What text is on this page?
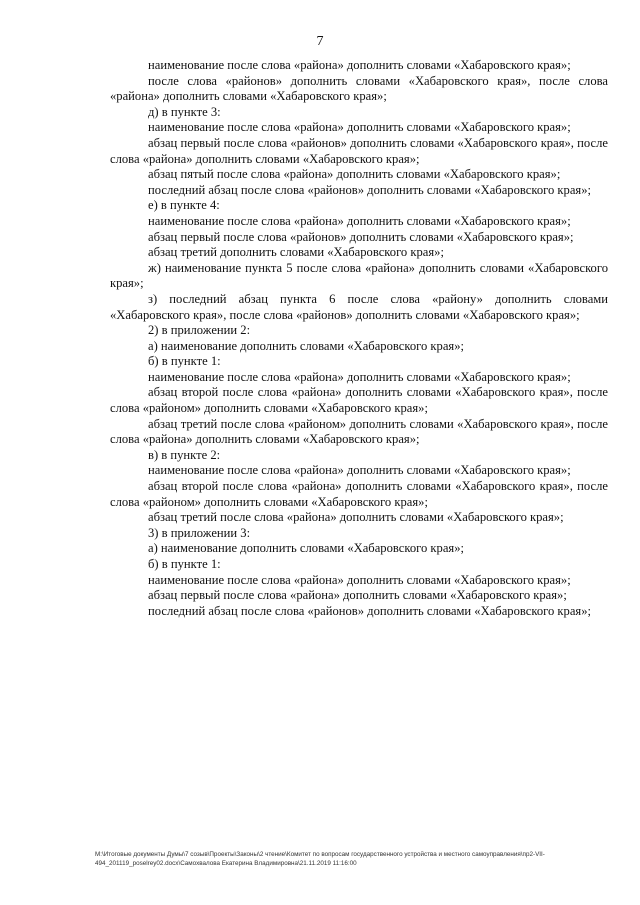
7

наименование после слова «района» дополнить словами «Хабаровского края»;

после слова «районов» дополнить словами «Хабаровского края», после слова «района» дополнить словами «Хабаровского края»;

д) в пункте 3:

наименование после слова «района» дополнить словами «Хабаровского края»;

абзац первый после слова «районов» дополнить словами «Хабаровского края», после слова «района» дополнить словами «Хабаровского края»;

абзац пятый после слова «района» дополнить словами «Хабаровского края»;

последний абзац после слова «районов» дополнить словами «Хабаровского края»;

е) в пункте 4:

наименование после слова «района» дополнить словами «Хабаровского края»;

абзац первый после слова «районов» дополнить словами «Хабаровского края»;

абзац третий дополнить словами «Хабаровского края»;

ж) наименование пункта 5 после слова «района» дополнить словами «Хабаровского края»;

з) последний абзац пункта 6 после слова «району» дополнить словами «Хабаровского края», после слова «районов» дополнить словами «Хабаровского края»;

2) в приложении 2:

а) наименование дополнить словами «Хабаровского края»;

б) в пункте 1:

наименование после слова «района» дополнить словами «Хабаровского края»;

абзац второй после слова «района» дополнить словами «Хабаровского края», после слова «районом» дополнить словами «Хабаровского края»;

абзац третий после слова «районом» дополнить словами «Хабаровского края», после слова «района» дополнить словами «Хабаровского края»;

в) в пункте 2:

наименование после слова «района» дополнить словами «Хабаровского края»;

абзац второй после слова «района» дополнить словами «Хабаровского края», после слова «районом» дополнить словами «Хабаровского края»;

абзац третий после слова «района» дополнить словами «Хабаровского края»;

3) в приложении 3:

а) наименование дополнить словами «Хабаровского края»;

б) в пункте 1:

наименование после слова «района» дополнить словами «Хабаровского края»;

абзац первый после слова «района» дополнить словами «Хабаровского края»;

последний абзац после слова «районов» дополнить словами «Хабаровского края»;

M:\Итоговые документы Думы\7 созыв\Проекты\Законы\2 чтение\Комитет по вопросам государственного устройства и местного самоуправления\пр2-VII-
494_201119_poselrey02.docx\Самохвалова Екатерина Владимировна\21.11.2019 11:16:00
